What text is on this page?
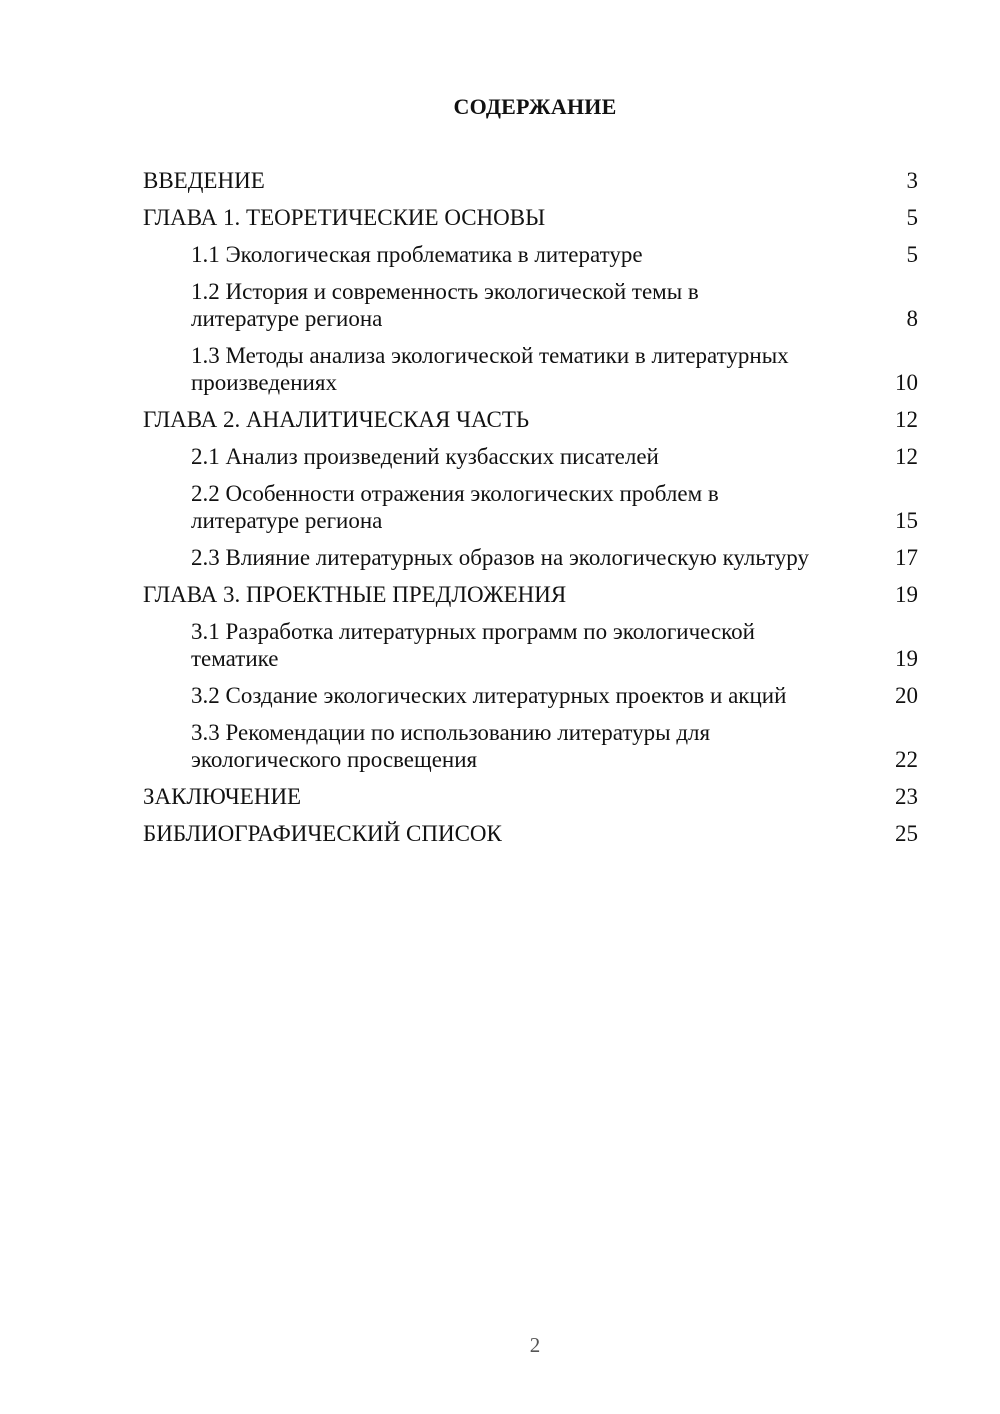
СОДЕРЖАНИЕ
ВВЕДЕНИЕ	3
ГЛАВА 1. ТЕОРЕТИЧЕСКИЕ ОСНОВЫ	5
1.1 Экологическая проблематика в литературе	5
1.2 История и современность экологической темы в литературе региона	8
1.3 Методы анализа экологической тематики в литературных произведениях	10
ГЛАВА 2. АНАЛИТИЧЕСКАЯ ЧАСТЬ	12
2.1 Анализ произведений кузбасских писателей	12
2.2 Особенности отражения экологических проблем в литературе региона	15
2.3 Влияние литературных образов на экологическую культуру	17
ГЛАВА 3. ПРОЕКТНЫЕ ПРЕДЛОЖЕНИЯ	19
3.1 Разработка литературных программ по экологической тематике	19
3.2 Создание экологических литературных проектов и акций	20
3.3 Рекомендации по использованию литературы для экологического просвещения	22
ЗАКЛЮЧЕНИЕ	23
БИБЛИОГРАФИЧЕСКИЙ СПИСОК	25
2
